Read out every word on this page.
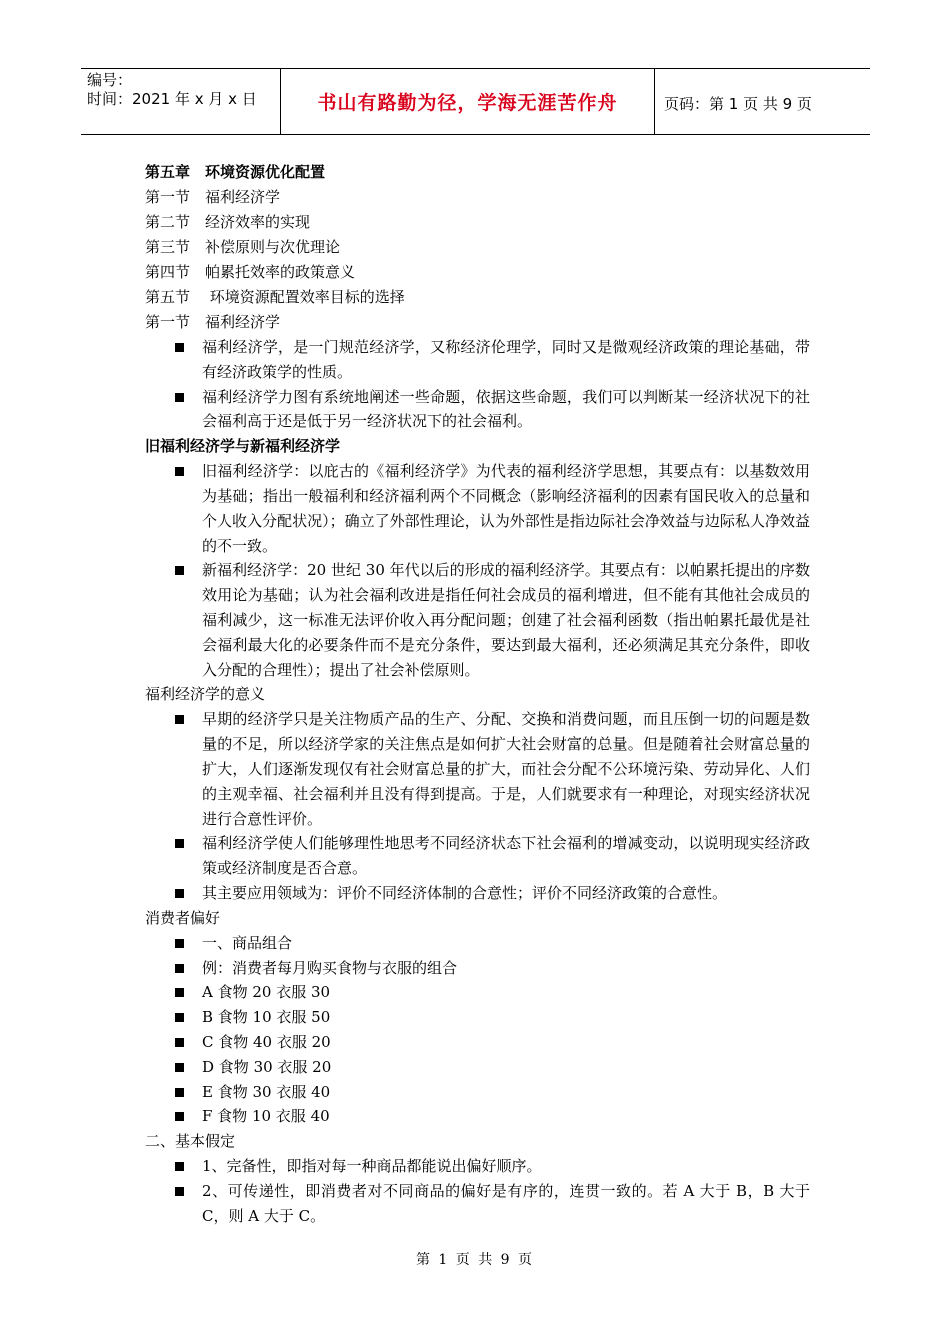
编号：
时间：2021 年 x 月 x 日	书山有路勤为径，学海无涯苦作舟	页码：第 1 页 共 9 页
第五章　环境资源优化配置
第一节　福利经济学
第二节　经济效率的实现
第三节　补偿原则与次优理论
第四节　帕累托效率的政策意义
第五节　 环境资源配置效率目标的选择
第一节　福利经济学
福利经济学，是一门规范经济学，又称经济伦理学，同时又是微观经济政策的理论基础，带有经济政策学的性质。
福利经济学力图有系统地阐述一些命题，依据这些命题，我们可以判断某一经济状况下的社会福利高于还是低于另一经济状况下的社会福利。
旧福利经济学与新福利经济学
旧福利经济学：以庇古的《福利经济学》为代表的福利经济学思想，其要点有：以基数效用为基础；指出一般福利和经济福利两个不同概念（影响经济福利的因素有国民收入的总量和个人收入分配状况）；确立了外部性理论，认为外部性是指边际社会净效益与边际私人净效益的不一致。
新福利经济学：20 世纪 30 年代以后的形成的福利经济学。其要点有：以帕累托提出的序数效用论为基础；认为社会福利改进是指任何社会成员的福利增进，但不能有其他社会成员的福利减少，这一标准无法评价收入再分配问题；创建了社会福利函数（指出帕累托最优是社会福利最大化的必要条件而不是充分条件，要达到最大福利，还必须满足其充分条件，即收入分配的合理性）；提出了社会补偿原则。
福利经济学的意义
早期的经济学只是关注物质产品的生产、分配、交换和消费问题，而且压倒一切的问题是数量的不足，所以经济学家的关注焦点是如何扩大社会财富的总量。但是随着社会财富总量的扩大，人们逐渐发现仅有社会财富总量的扩大，而社会分配不公环境污染、劳动异化、人们的主观幸福、社会福利并且没有得到提高。于是，人们就要求有一种理论，对现实经济状况进行合意性评价。
福利经济学使人们能够理性地思考不同经济状态下社会福利的增减变动，以说明现实经济政策或经济制度是否合意。
其主要应用领域为：评价不同经济体制的合意性；评价不同经济政策的合意性。
消费者偏好
一、商品组合
例：消费者每月购买食物与衣服的组合
A 食物 20 衣服 30
B 食物 10 衣服 50
C 食物 40 衣服 20
D 食物 30 衣服 20
E 食物 30 衣服 40
F 食物 10 衣服 40
二、基本假定
1、完备性，即指对每一种商品都能说出偏好顺序。
2、可传递性，即消费者对不同商品的偏好是有序的，连贯一致的。若 A 大于 B，B 大于 C，则 A 大于 C。
第 1 页 共 9 页
